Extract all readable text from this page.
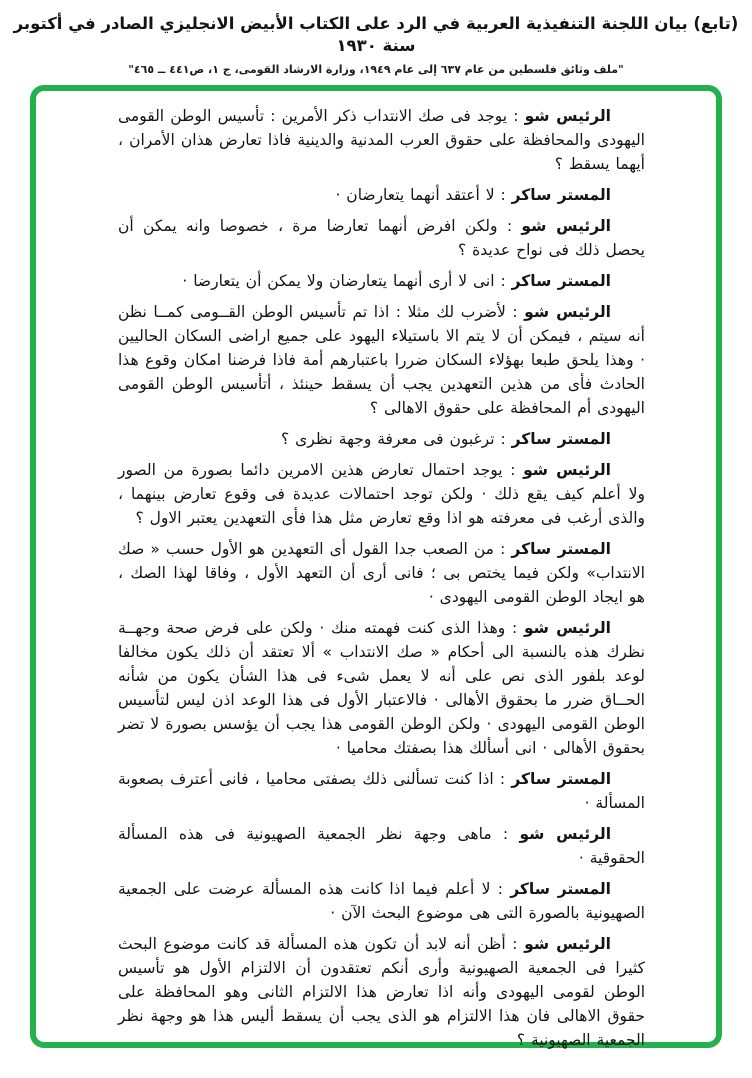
(تابع) بيان اللجنة التنفيذية العربية في الرد على الكتاب الأبيض الانجليزي الصادر في أكتوبر سنة ١٩٣٠
"ملف وثائق فلسطين من عام ٦٣٧ إلى عام ١٩٤٩، وزارة الارشاد القومى، ج ١، ص٤٤١ ــ ٤٦٥"

الرئيس شو : يوجد فى صك الانتداب ذكر الأمرين : تأسيس الوطن القومى اليهودى والمحافظة على حقوق العرب المدنية والدينية فاذا تعارض هذان الأمران ، أيهما يسقط ؟

المستر ساكر : لا أعتقد أنهما يتعارضان ·

الرئيس شو : ولكن افرض أنهما تعارضا مرة ، خصوصا وانه يمكن أن يحصل ذلك فى نواح عديدة ؟

المستر ساكر : انى لا أرى أنهما يتعارضان ولا يمكن أن يتعارضا ·

الرئيس شو : لأضرب لك مثلا : اذا تم تأسيس الوطن القــومى كمــا نظن أنه سيتم ، فيمكن أن لا يتم الا باستيلاء اليهود على جميع اراضى السكان الحاليين · وهذا يلحق طبعا بهؤلاء السكان ضررا باعتبارهم أمة فاذا فرضنا امكان وقوع هذا الحادث فأى من هذين التعهدين يجب أن يسقط حينئذ ، أتأسيس الوطن القومى اليهودى أم المحافظة على حقوق الاهالى ؟

المستر ساكر : ترغبون فى معرفة وجهة نظرى ؟

الرئيس شو : يوجد احتمال تعارض هذين الامرين دائما بصورة من الصور ولا أعلم كيف يقع ذلك · ولكن توجد احتمالات عديدة فى وقوع تعارض بينهما ، والذى أرغب فى معرفته هو اذا وقع تعارض مثل هذا فأى التعهدين يعتبر الاول ؟

المستر ساكر : من الصعب جدا القول أى التعهدين هو الأول حسب « صك الانتداب» ولكن فيما يختص بى ؛ فانى أرى أن التعهد الأول ، وفاقا لهذا الصك ، هو ايجاد الوطن القومى اليهودى ·

الرئيس شو : وهذا الذى كنت فهمته منك · ولكن على فرض صحة وجهــة نظرك هذه بالنسبة الى أحكام « صك الانتداب » ألا تعتقد أن ذلك يكون مخالفا لوعد بلفور الذى نص على أنه لا يعمل شىء فى هذا الشأن يكون من شأنه الحــاق ضرر ما بحقوق الأهالى · فالاعتبار الأول فى هذا الوعد اذن ليس لتأسيس الوطن القومى اليهودى · ولكن الوطن القومى هذا يجب أن يؤسس بصورة لا تضر بحقوق الأهالى · انى أسألك هذا بصفتك محاميا ·

المستر ساكر : اذا كنت تسألنى ذلك بصفتى محاميا ، فانى أعترف بصعوبة المسألة ·

الرئيس شو : ماهى وجهة نظر الجمعية الصهيونية فى هذه المسألة الحقوقية ·

المستر ساكر : لا أعلم فيما اذا كانت هذه المسألة عرضت على الجمعية الصهيونية بالصورة التى هى موضوع البحث الآن ·

الرئيس شو : أظن أنه لابد أن تكون هذه المسألة قد كانت موضوع البحث كثيرا فى الجمعية الصهيونية وأرى أنكم تعتقدون أن الالتزام الأول هو تأسيس الوطن لقومى اليهودى وأنه اذا تعارض هذا الالتزام الثانى وهو المحافظة على حقوق الاهالى فان هذا الالتزام هو الذى يجب أن يسقط أليس هذا هو وجهة نظر الجمعية الصهيونية ؟
